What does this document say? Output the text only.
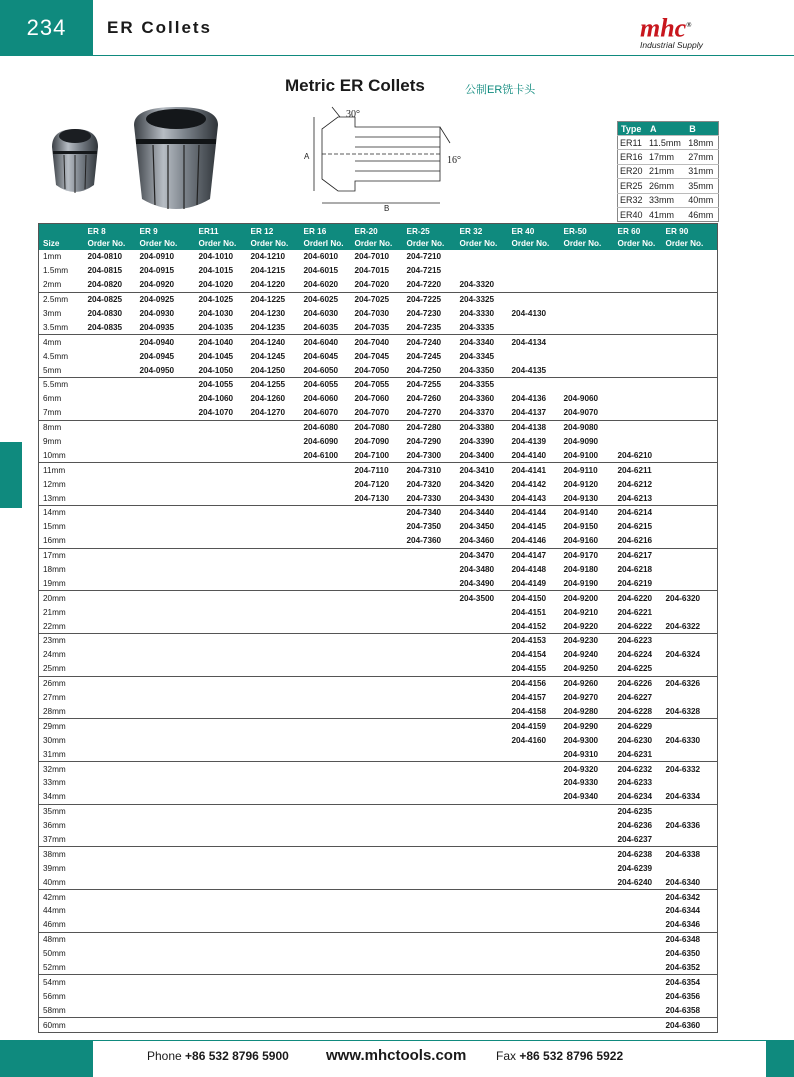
234	ER Collets	mhc®
Industrial Supply
Metric ER Collets	公制ER铣卡头
30°
16°
A
B
Type	A	B
ER11	11.5mm	18mm
ER16	17mm	27mm
ER20	21mm	31mm
ER25	26mm	35mm
ER32	33mm	40mm
ER40	41mm	46mm
	ER 8	ER 9	ER11	ER 12	ER 16	ER-20	ER-25	ER 32	ER 40	ER-50	ER 60	ER 90
Size	Order No.	Order No.	Order No.	Order No.	OrderI No.	Order No.	Order No.	Order No.	Order No.	Order No.	Order No.	Order No.
1mm	204-0810	204-0910	204-1010	204-1210	204-6010	204-7010	204-7210					
1.5mm	204-0815	204-0915	204-1015	204-1215	204-6015	204-7015	204-7215					
2mm	204-0820	204-0920	204-1020	204-1220	204-6020	204-7020	204-7220	204-3320				
2.5mm	204-0825	204-0925	204-1025	204-1225	204-6025	204-7025	204-7225	204-3325				
3mm	204-0830	204-0930	204-1030	204-1230	204-6030	204-7030	204-7230	204-3330	204-4130			
3.5mm	204-0835	204-0935	204-1035	204-1235	204-6035	204-7035	204-7235	204-3335				
4mm		204-0940	204-1040	204-1240	204-6040	204-7040	204-7240	204-3340	204-4134			
4.5mm		204-0945	204-1045	204-1245	204-6045	204-7045	204-7245	204-3345				
5mm		204-0950	204-1050	204-1250	204-6050	204-7050	204-7250	204-3350	204-4135			
5.5mm			204-1055	204-1255	204-6055	204-7055	204-7255	204-3355				
6mm			204-1060	204-1260	204-6060	204-7060	204-7260	204-3360	204-4136	204-9060		
7mm			204-1070	204-1270	204-6070	204-7070	204-7270	204-3370	204-4137	204-9070		
8mm					204-6080	204-7080	204-7280	204-3380	204-4138	204-9080		
9mm					204-6090	204-7090	204-7290	204-3390	204-4139	204-9090		
10mm					204-6100	204-7100	204-7300	204-3400	204-4140	204-9100	204-6210	
11mm						204-7110	204-7310	204-3410	204-4141	204-9110	204-6211	
12mm						204-7120	204-7320	204-3420	204-4142	204-9120	204-6212	
13mm						204-7130	204-7330	204-3430	204-4143	204-9130	204-6213	
14mm							204-7340	204-3440	204-4144	204-9140	204-6214	
15mm							204-7350	204-3450	204-4145	204-9150	204-6215	
16mm							204-7360	204-3460	204-4146	204-9160	204-6216	
17mm								204-3470	204-4147	204-9170	204-6217	
18mm								204-3480	204-4148	204-9180	204-6218	
19mm								204-3490	204-4149	204-9190	204-6219	
20mm								204-3500	204-4150	204-9200	204-6220	204-6320
21mm									204-4151	204-9210	204-6221	
22mm									204-4152	204-9220	204-6222	204-6322
23mm									204-4153	204-9230	204-6223	
24mm									204-4154	204-9240	204-6224	204-6324
25mm									204-4155	204-9250	204-6225	
26mm									204-4156	204-9260	204-6226	204-6326
27mm									204-4157	204-9270	204-6227	
28mm									204-4158	204-9280	204-6228	204-6328
29mm									204-4159	204-9290	204-6229	
30mm									204-4160	204-9300	204-6230	204-6330
31mm										204-9310	204-6231	
32mm										204-9320	204-6232	204-6332
33mm										204-9330	204-6233	
34mm										204-9340	204-6234	204-6334
35mm											204-6235	
36mm											204-6236	204-6336
37mm											204-6237	
38mm											204-6238	204-6338
39mm											204-6239	
40mm											204-6240	204-6340
42mm												204-6342
44mm												204-6344
46mm												204-6346
48mm												204-6348
50mm												204-6350
52mm												204-6352
54mm												204-6354
56mm												204-6356
58mm												204-6358
60mm												204-6360
Phone +86 532 8796 5900 www.mhctools.com Fax +86 532 8796 5922
